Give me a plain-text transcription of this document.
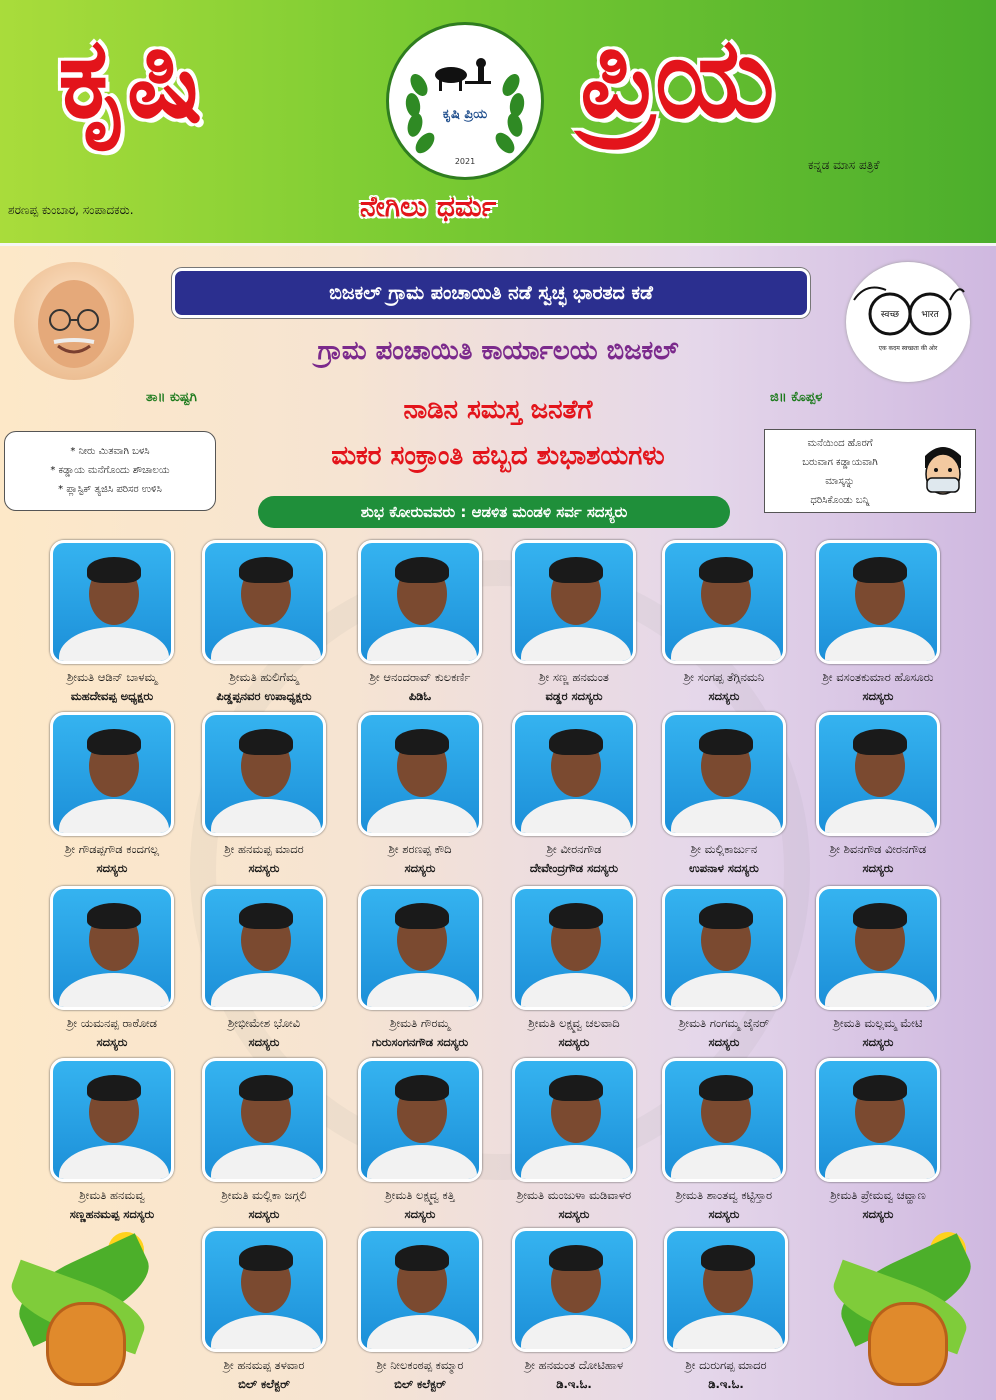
ಕೃಷಿ	ಕೃಷಿ ಪ್ರಿಯ
2021
ಪ್ರಿಯ
ಕನ್ನಡ ಮಾಸ ಪತ್ರಿಕೆ
ಶರಣಪ್ಪ ಕುಂಬಾರ, ಸಂಪಾದಕರು.	ನೇಗಿಲು ಧರ್ಮ
ಬಿಜಕಲ್ ಗ್ರಾಮ ಪಂಚಾಯಿತಿ ನಡೆ ಸ್ವಚ್ಛ ಭಾರತದ ಕಡೆ
स्वच्छ भारत
एक कदम स्वच्छता की ओर
ಗ್ರಾಮ ಪಂಚಾಯಿತಿ ಕಾರ್ಯಾಲಯ ಬಿಜಕಲ್
ತಾ॥ ಕುಷ್ಟಗಿ	ಜಿ॥ ಕೊಪ್ಪಳ
ನಾಡಿನ ಸಮಸ್ತ ಜನತೆಗೆ
ಮಕರ ಸಂಕ್ರಾಂತಿ ಹಬ್ಬದ ಶುಭಾಶಯಗಳು
* ನೀರು ಮಿತವಾಗಿ ಬಳಸಿ
* ಕಡ್ಡಾಯ ಮನೆಗೊಂದು ಶೌಚಾಲಯ
* ಪ್ಲಾಸ್ಟಿಕ್ ತ್ಯಜಿಸಿ ಪರಿಸರ ಉಳಿಸಿ
ಮನೆಯಿಂದ ಹೊರಗೆ
ಬರುವಾಗ ಕಡ್ಡಾಯವಾಗಿ
ಮಾಸ್ಕನ್ನು
ಧರಿಸಿಕೊಂಡು ಬನ್ನಿ
ಶುಭ ಕೋರುವವರು : ಆಡಳಿತ ಮಂಡಳಿ ಸರ್ವ ಸದಸ್ಯರು
ಶ್ರೀಮತಿ ಆಡಿನ್ ಬಾಳಮ್ಮ
ಮಹದೇವಪ್ಪ ಅಧ್ಯಕ್ಷರು
ಶ್ರೀಮತಿ ಹುಲಿಗೆಮ್ಮ
ಪಿಡ್ಡಪ್ಪನವರ ಉಪಾಧ್ಯಕ್ಷರು
ಶ್ರೀ ಆನಂದರಾವ್ ಕುಲಕರ್ಣಿ
ಪಿಡಿಓ
ಶ್ರೀ ಸಣ್ಣ ಹನಮಂತ
ವಡ್ಡರ ಸದಸ್ಯರು
ಶ್ರೀ ಸಂಗಪ್ಪ ತೆಗ್ಗಿನಮನಿ
ಸದಸ್ಯರು
ಶ್ರೀ ವಸಂತಕುಮಾರ ಹೊಸೂರು
ಸದಸ್ಯರು
ಶ್ರೀ ಗೌಡಪ್ಪಗೌಡ ಕಂದಗಲ್ಲ
ಸದಸ್ಯರು
ಶ್ರೀ ಹನಮಪ್ಪ ಮಾದರ
ಸದಸ್ಯರು
ಶ್ರೀ ಶರಣಪ್ಪ ಕೌದಿ
ಸದಸ್ಯರು
ಶ್ರೀ ವೀರನಗೌಡ
ದೇವೇಂದ್ರಗೌಡ ಸದಸ್ಯರು
ಶ್ರೀ ಮಲ್ಲಿಕಾರ್ಜುನ
ಉಪನಾಳ ಸದಸ್ಯರು
ಶ್ರೀ ಶಿವನಗೌಡ ವೀರನಗೌಡ
ಸದಸ್ಯರು
ಶ್ರೀ ಯಮನಪ್ಪ ರಾಠೋಡ
ಸದಸ್ಯರು
ಶ್ರೀಭೀಮೇಶ ಭೋವಿ
ಸದಸ್ಯರು
ಶ್ರೀಮತಿ ಗೌರಮ್ಮ
ಗುರುಸಂಗನಗೌಡ ಸದಸ್ಯರು
ಶ್ರೀಮತಿ ಲಕ್ಷ್ಮವ್ವ ಚಲವಾದಿ
ಸದಸ್ಯರು
ಶ್ರೀಮತಿ ಗಂಗಮ್ಮ ಜೈನರ್
ಸದಸ್ಯರು
ಶ್ರೀಮತಿ ಮಲ್ಲಮ್ಮ ಮೇಟಿ
ಸದಸ್ಯರು
ಶ್ರೀಮತಿ ಹನಮವ್ವ
ಸಣ್ಣಹನಮಪ್ಪ ಸದಸ್ಯರು
ಶ್ರೀಮತಿ ಮಲ್ಲಿಕಾ ಜಗ್ಗಲಿ
ಸದಸ್ಯರು
ಶ್ರೀಮತಿ ಲಕ್ಷ್ಮವ್ವ ಕತ್ತಿ
ಸದಸ್ಯರು
ಶ್ರೀಮತಿ ಮಂಜುಳಾ ಮಡಿವಾಳರ
ಸದಸ್ಯರು
ಶ್ರೀಮತಿ ಶಾಂತವ್ವ ಕಟ್ಟಿಸ್ತಾರ
ಸದಸ್ಯರು
ಶ್ರೀಮತಿ ಪ್ರೇಮವ್ವ ಚವ್ಹಾಣ
ಸದಸ್ಯರು
ಶ್ರೀ ಹನಮಪ್ಪ ತಳವಾರ
ಬಿಲ್ ಕಲೆಕ್ಟರ್
ಶ್ರೀ ನೀಲಕಂಠಪ್ಪ ಕಮ್ಮಾರ
ಬಿಲ್ ಕಲೆಕ್ಟರ್
ಶ್ರೀ ಹನಮಂತ ದೋಟಿಹಾಳ
ಡಿ.ಇ.ಓ.
ಶ್ರೀ ದುರುಗಪ್ಪ ಮಾದರ
ಡಿ.ಇ.ಓ.
